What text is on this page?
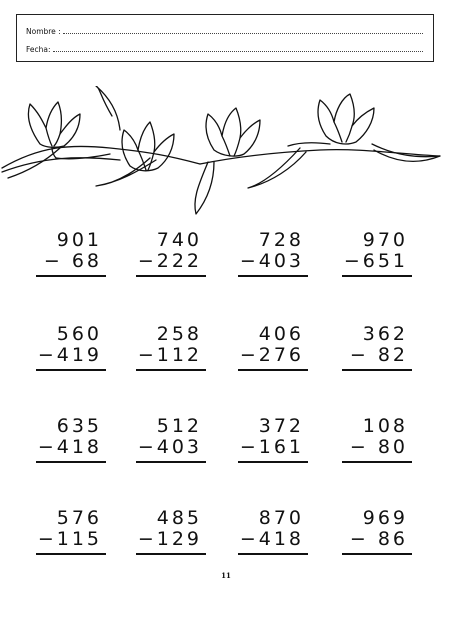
Nombre :
Fecha:
901
− 68
740
−222
728
−403
970
−651
560
−419
258
−112
406
−276
362
− 82
635
−418
512
−403
372
−161
108
− 80
576
−115
485
−129
870
−418
969
− 86
11
